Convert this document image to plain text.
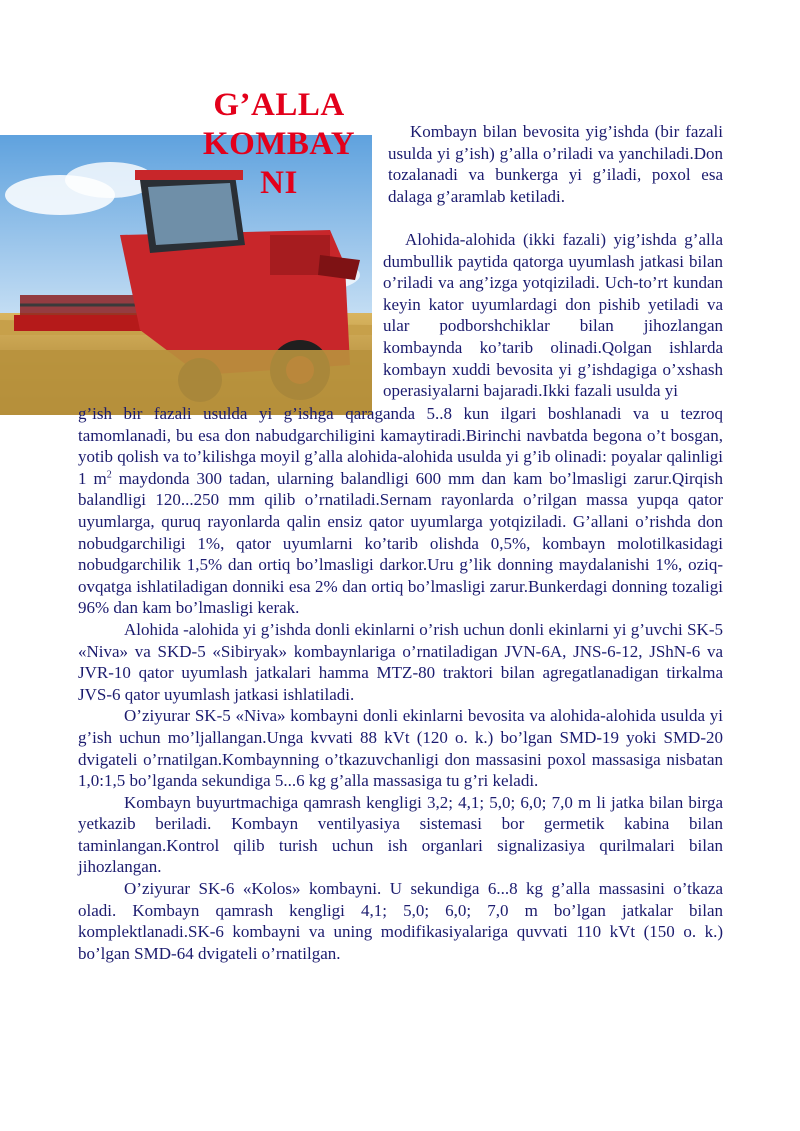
G’ALLA
KOMBAY
NI

Kombayn bilan bevosita yig’ishda (bir fazali usulda yi g’ish) g’alla o’riladi va yanchiladi.Don tozalanadi va bunkerga yi g’iladi, poxol esa dalaga g’aramlab ketiladi.

Alohida-alohida (ikki fazali) yig’ishda g’alla dumbullik paytida qatorga uyumlash jatkasi bilan o’riladi va ang’izga yotqiziladi. Uch-to’rt kundan keyin kator uyumlardagi don pishib yetiladi va ular podborshchiklar bilan jihozlangan kombaynda ko’tarib olinadi.Qolgan ishlarda kombayn xuddi bevosita yi g’ishdagiga o’xshash operasiyalarni bajaradi.Ikki fazali usulda yi

g’ish bir fazali usulda yi g’ishga qaraganda 5..8 kun ilgari boshlanadi va u tezroq tamomlanadi, bu esa don nabudgarchiligini kamaytiradi.Birinchi navbatda begona o’t bosgan, yotib qolish va to’kilishga moyil g’alla alohida-alohida usulda yi g’ib olinadi: poyalar qalinligi 1 $m^2$ maydonda 300 tadan, ularning balandligi 600 mm dan kam bo’lmasligi zarur.Qirqish balandligi 120...250 mm qilib o’rnatiladi.Sernam rayonlarda o’rilgan massa yupqa qator uyumlarga, quruq rayonlarda qalin ensiz qator uyumlarga yotqiziladi. G’allani o’rishda don nobudgarchiligi 1%, qator uyumlarni ko’tarib olishda 0,5%, kombayn molotilkasidagi nobudgarchilik 1,5% dan ortiq bo’lmasligi darkor.Uru g’lik donning maydalanishi 1%, oziq-ovqatga ishlatiladigan donniki esa 2% dan ortiq bo’lmasligi zarur.Bunkerdagi donning tozaligi 96% dan kam bo’lmasligi kerak.

Alohida -alohida yi g’ishda donli ekinlarni o’rish uchun donli ekinlarni yi g’uvchi SK-5 «Niva» va SKD-5 «Sibiryak» kombaynlariga o’rnatiladigan JVN-6A, JNS-6-12, JShN-6 va JVR-10 qator uyumlash jatkalari hamma MTZ-80 traktori bilan agregatlanadigan tirkalma JVS-6 qator uyumlash jatkasi ishlatiladi.

O’ziyurar SK-5 «Niva» kombayni donli ekinlarni bevosita va alohida-alohida usulda yi g’ish uchun mo’ljallangan.Unga kvvati 88 kVt (120 o. k.) bo’lgan SMD-19 yoki SMD-20 dvigateli o’rnatilgan.Kombaynning o’tkazuvchanligi don massasini poxol massasiga nisbatan 1,0:1,5 bo’lganda sekundiga 5...6 kg g’alla massasiga tu g’ri keladi.

Kombayn buyurtmachiga qamrash kengligi 3,2; 4,1; 5,0; 6,0; 7,0 m li jatka bilan birga yetkazib beriladi. Kombayn ventilyasiya sistemasi bor germetik kabina bilan taminlangan.Kontrol qilib turish uchun ish organlari signalizasiya qurilmalari bilan jihozlangan.

O’ziyurar SK-6 «Kolos» kombayni. U sekundiga 6...8 kg g’alla massasini o’tkaza oladi. Kombayn qamrash kengligi 4,1; 5,0; 6,0; 7,0 m bo’lgan jatkalar bilan komplektlanadi.SK-6 kombayni va uning modifikasiyalariga quvvati 110 kVt (150 o. k.) bo’lgan SMD-64 dvigateli o’rnatilgan.
